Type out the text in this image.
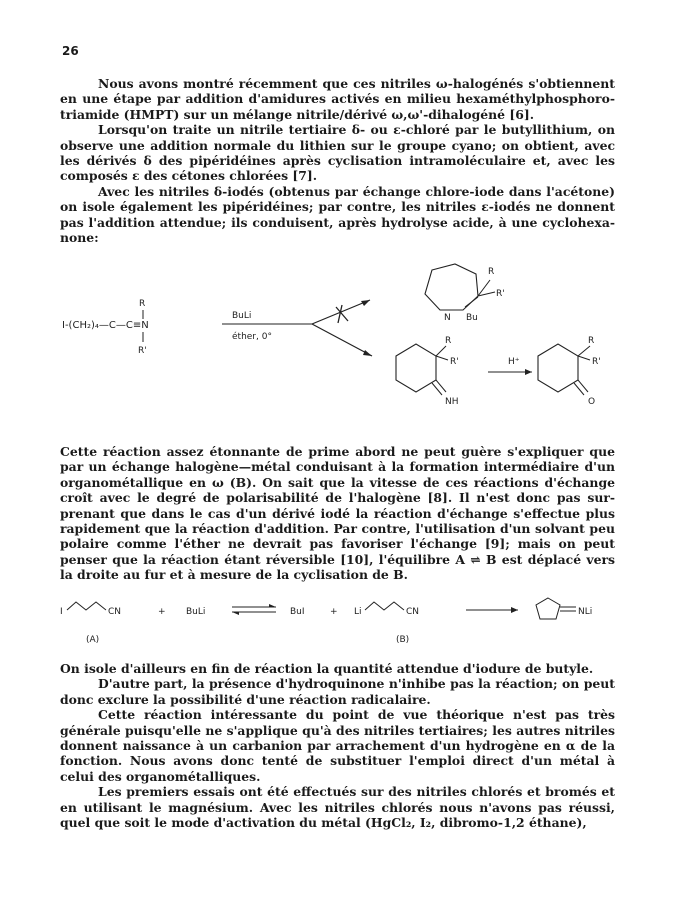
26

Nous avons montré récemment que ces nitriles ω-halogénés s'obtiennent en une étape par addition d'amidures activés en milieu hexaméthylphosphoro-triamide (HMPT) sur un mélange nitrile/dérivé ω,ω'-dihalogéné [6].

Lorsqu'on traite un nitrile tertiaire δ- ou ε-chloré par le butyllithium, on observe une addition normale du lithien sur le groupe cyano; on obtient, avec les dérivés δ des pipéridéines après cyclisation intramoléculaire et, avec les composés ε des cétones chlorées [7].

Avec les nitriles δ-iodés (obtenus par échange chlore-iode dans l'acétone) on isole également les pipéridéines; par contre, les nitriles ε-iodés ne donnent pas l'addition attendue; ils conduisent, après hydrolyse acide, à une cyclohexa-none:

I-(CH₂)₄—C—C≡N
R
R'
BuLi
éther, 0°
R
R'
N Bu
R
R'
NH
H⁺
R
R'
O

Cette réaction assez étonnante de prime abord ne peut guère s'expliquer que par un échange halogène—métal conduisant à la formation intermédiaire d'un organométallique en ω (B). On sait que la vitesse de ces réactions d'échange croît avec le degré de polarisabilité de l'halogène [8]. Il n'est donc pas sur-prenant que dans le cas d'un dérivé iodé la réaction d'échange s'effectue plus rapidement que la réaction d'addition. Par contre, l'utilisation d'un solvant peu polaire comme l'éther ne devrait pas favoriser l'échange [9]; mais on peut penser que la réaction étant réversible [10], l'équilibre A ⇌ B est déplacé vers la droite au fur et à mesure de la cyclisation de B.

I	CN	+ BuLi	BuI	+ Li	CN	NLi
(A)	(B)

On isole d'ailleurs en fin de réaction la quantité attendue d'iodure de butyle.

D'autre part, la présence d'hydroquinone n'inhibe pas la réaction; on peut donc exclure la possibilité d'une réaction radicalaire.

Cette réaction intéressante du point de vue théorique n'est pas très générale puisqu'elle ne s'applique qu'à des nitriles tertiaires; les autres nitriles donnent naissance à un carbanion par arrachement d'un hydrogène en α de la fonction. Nous avons donc tenté de substituer l'emploi direct d'un métal à celui des organométalliques.

Les premiers essais ont été effectués sur des nitriles chlorés et bromés et en utilisant le magnésium. Avec les nitriles chlorés nous n'avons pas réussi, quel que soit le mode d'activation du métal (HgCl₂, I₂, dibromo-1,2 éthane),
